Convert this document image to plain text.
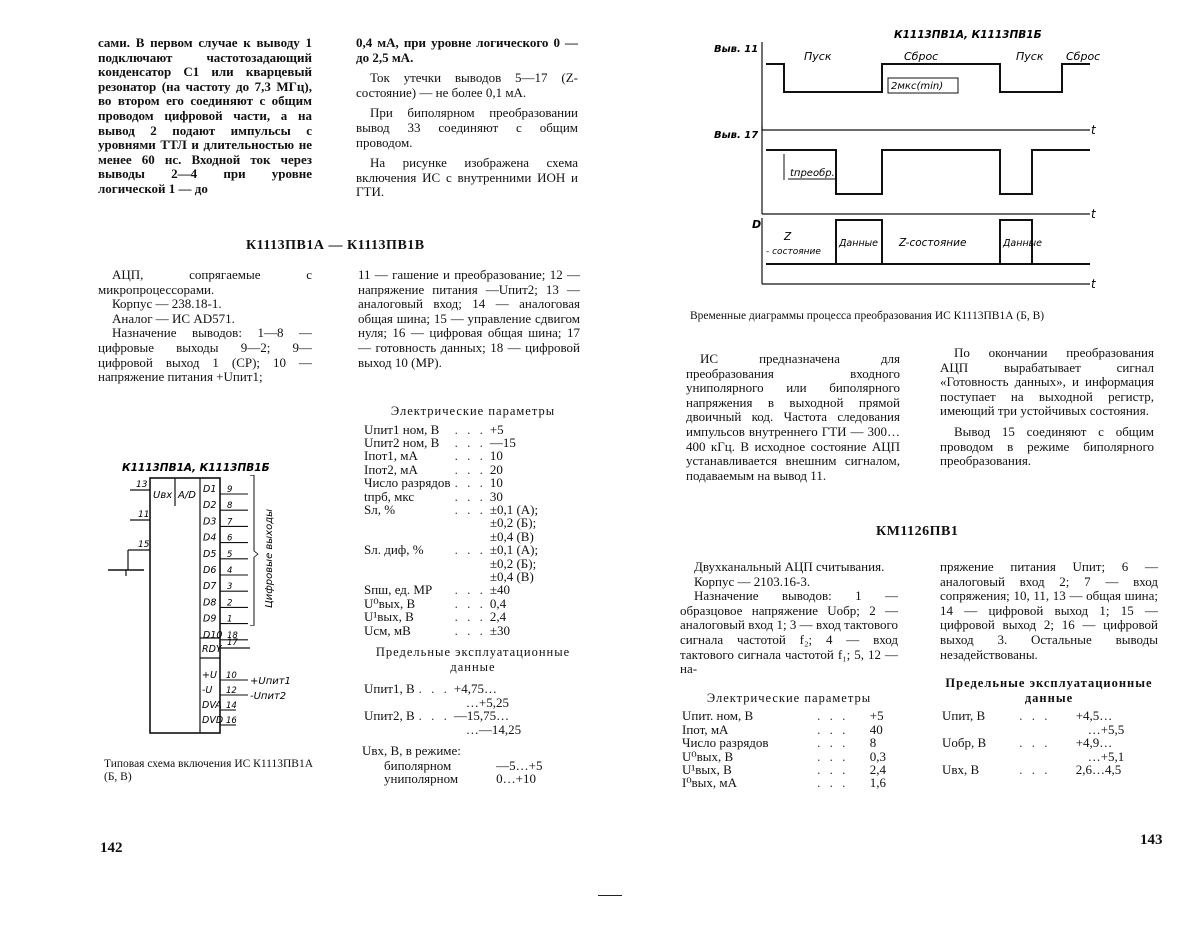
сами. В первом случае к выводу 1 подключают частотозадающий конденсатор С1 или кварцевый резонатор (на частоту до 7,3 МГц), во втором его соединяют с общим проводом цифровой части, а на вывод 2 подают импульсы с уровнями ТТЛ и длительностью не менее 60 нс. Входной ток через выводы 2—4 при уровне логической 1 — до

0,4 мА, при уровне логического 0 — до 2,5 мА.

Ток утечки выводов 5—17 (Z-состояние) — не более 0,1 мА.

При биполярном преобразовании вывод 33 соединяют с общим проводом.

На рисунке изображена схема включения ИС с внутренними ИОН и ГТИ.

К1113ПВ1А — К1113ПВ1В

АЦП, сопрягаемые с микропроцессорами.

Корпус — 238.18-1.

Аналог — ИС AD571.

Назначение выводов: 1—8 — цифровые выходы 9—2; 9— цифровой выход 1 (СР); 10 — напряжение питания +Uпит1;

11 — гашение и преобразование; 12 — напряжение питания —Uпит2; 13 — аналоговый вход; 14 — аналоговая общая шина; 15 — управление сдвигом нуля; 16 — цифровая общая шина; 17 — готовность данных; 18 — цифровой выход 10 (МР).

Электрические параметры
Uпит1 ном, В	. . .	+5
Uпит2 ном, В	. . .	—15
Iпот1, мА	. . .	10
Iпот2, мА	. . .	20
Число разрядов	. . .	10
tпрб, мкс	. . .	30
Sл, %	. . .	±0,1 (А);
		±0,2 (Б);
		±0,4 (В)
Sл. диф, %	. . .	±0,1 (А);
		±0,2 (Б);
		±0,4 (В)
Sпш, ед. МР	. . .	±40
U⁰вых, В	. . .	0,4
U¹вых, В	. . .	2,4
Uсм, мВ	. . .	±30
Предельные эксплуатационные данные
Uпит1, В	. . .	+4,75…
		…+5,25
Uпит2, В	. . .	—15,75…
		…—14,25
Uвх, В, в режиме:
биполярном	—5…+5
униполярном	0…+10
К1113ПВ1А, К1113ПВ1Б
Uвх A/D
D1 9
D2 8
D3 7
D4 6
D5 5
D6 4
D7 3
D8 2
D9 1
D10 18
13
11
15
RDY
17
+U 10 +Uпит1
-U 12 -Uпит2
DVA 14
DVD 16
Цифровые выходы
Типовая схема включения ИС К1113ПВ1А (Б, В)
142
К1113ПВ1А, К1113ПВ1Б
Выв. 11
t
Пуск	Сброс	Пуск Сброс
2мкс(min)
Выв. 17
t
tпреобр.
D
t
Z
- состояние
Данные Z-состояние	Данные
Временные диаграммы процесса преобразования ИС К1113ПВ1А (Б, В)

ИС предназначена для преобразования входного униполярного или биполярного напряжения в выходной прямой двоичный код. Частота следования импульсов внутреннего ГТИ — 300…400 кГц. В исходное состояние АЦП устанавливается внешним сигналом, подаваемым на вывод 11.

По окончании преобразования АЦП вырабатывает сигнал «Готовность данных», и информация поступает на выходной регистр, имеющий три устойчивых состояния.

Вывод 15 соединяют с общим проводом в режиме биполярного преобразования.

КМ1126ПВ1

Двухканальный АЦП считывания.

Корпус — 2103.16-3.

Назначение выводов: 1 — образцовое напряжение Uобр; 2 — аналоговый вход 1; 3 — вход тактового сигнала частотой f₂; 4 — вход тактового сигнала частотой f₁; 5, 12 — на-

Электрические параметры
Uпит. ном, В	. . .	+5
Iпот, мА	. . .	40
Число разрядов	. . .	8
U⁰вых, В	. . .	0,3
U¹вых, В	. . .	2,4
I⁰вых, мА	. . .	1,6

пряжение питания Uпит; 6 — аналоговый вход 2; 7 — вход сопряжения; 10, 11, 13 — общая шина; 14 — цифровой выход 1; 15 — цифровой выход 2; 16 — цифровой выход 3. Остальные выводы незадействованы.

Предельные эксплуатационные данные
Uпит, В	. . .	+4,5…
		…+5,5
Uобр, В	. . .	+4,9…
		…+5,1
Uвх, В	. . .	2,6…4,5
143
